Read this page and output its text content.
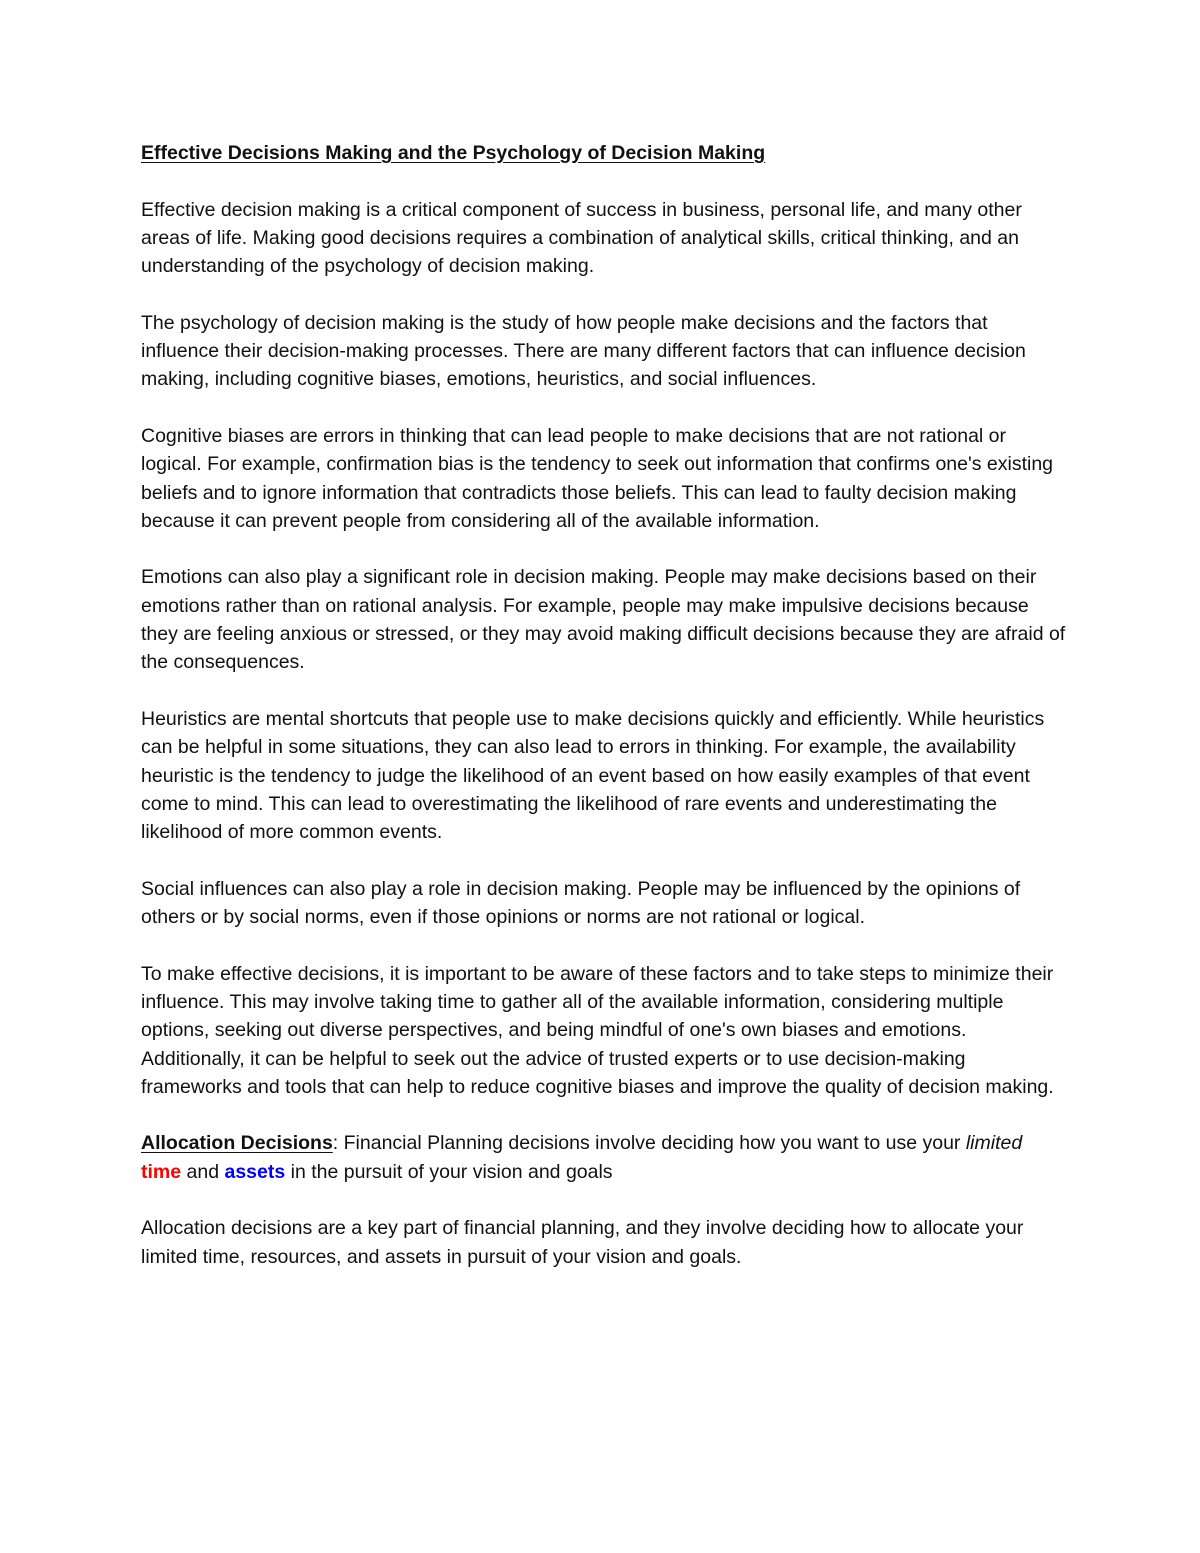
Effective Decisions Making and the Psychology of Decision Making

Effective decision making is a critical component of success in business, personal life, and many other areas of life. Making good decisions requires a combination of analytical skills, critical thinking, and an understanding of the psychology of decision making.

The psychology of decision making is the study of how people make decisions and the factors that influence their decision-making processes. There are many different factors that can influence decision making, including cognitive biases, emotions, heuristics, and social influences.

Cognitive biases are errors in thinking that can lead people to make decisions that are not rational or logical. For example, confirmation bias is the tendency to seek out information that confirms one's existing beliefs and to ignore information that contradicts those beliefs. This can lead to faulty decision making because it can prevent people from considering all of the available information.

Emotions can also play a significant role in decision making. People may make decisions based on their emotions rather than on rational analysis. For example, people may make impulsive decisions because they are feeling anxious or stressed, or they may avoid making difficult decisions because they are afraid of the consequences.

Heuristics are mental shortcuts that people use to make decisions quickly and efficiently. While heuristics can be helpful in some situations, they can also lead to errors in thinking. For example, the availability heuristic is the tendency to judge the likelihood of an event based on how easily examples of that event come to mind. This can lead to overestimating the likelihood of rare events and underestimating the likelihood of more common events.

Social influences can also play a role in decision making. People may be influenced by the opinions of others or by social norms, even if those opinions or norms are not rational or logical.

To make effective decisions, it is important to be aware of these factors and to take steps to minimize their influence. This may involve taking time to gather all of the available information, considering multiple options, seeking out diverse perspectives, and being mindful of one's own biases and emotions. Additionally, it can be helpful to seek out the advice of trusted experts or to use decision-making frameworks and tools that can help to reduce cognitive biases and improve the quality of decision making.

Allocation Decisions: Financial Planning decisions involve deciding how you want to use your limited time and assets in the pursuit of your vision and goals

Allocation decisions are a key part of financial planning, and they involve deciding how to allocate your limited time, resources, and assets in pursuit of your vision and goals.
